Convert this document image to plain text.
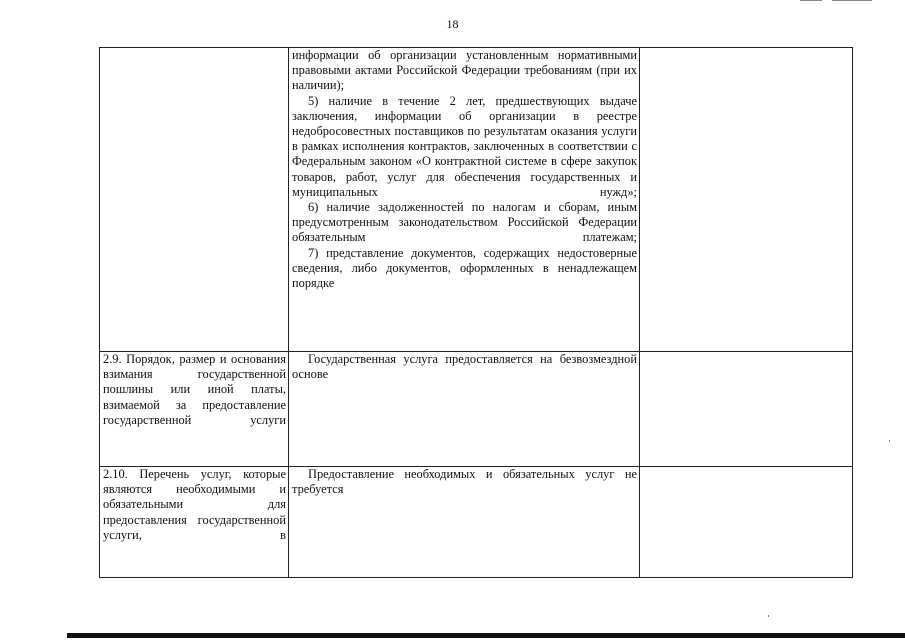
18

	информации об организации установленным нормативными правовыми актами Российской Федерации требованиям (при их наличии);

5) наличие в течение 2 лет, предшествующих выдаче заключения, информации об организации в реестре недобросовестных поставщиков по результатам оказания услуги в рамках исполнения контрактов, заключенных в соответствии с Федеральным законом «О контрактной системе в сфере закупок товаров, работ, услуг для обеспечения государственных и муниципальных нужд»;

6) наличие задолженностей по налогам и сборам, иным предусмотренным законодательством Российской Федерации обязательным платежам;

7) представление документов, содержащих недостоверные сведения, либо документов, оформленных в ненадлежащем порядке	

2.9. Порядок, размер и основания взимания государственной пошлины или иной платы, взимаемой за предоставление государственной услуги	Государственная услуга предоставляется на безвозмездной основе	

2.10. Перечень услуг, которые являются необходимыми и обязательными для предоставления государственной услуги, в	Предоставление необходимых и обязательных услуг не требуется	
